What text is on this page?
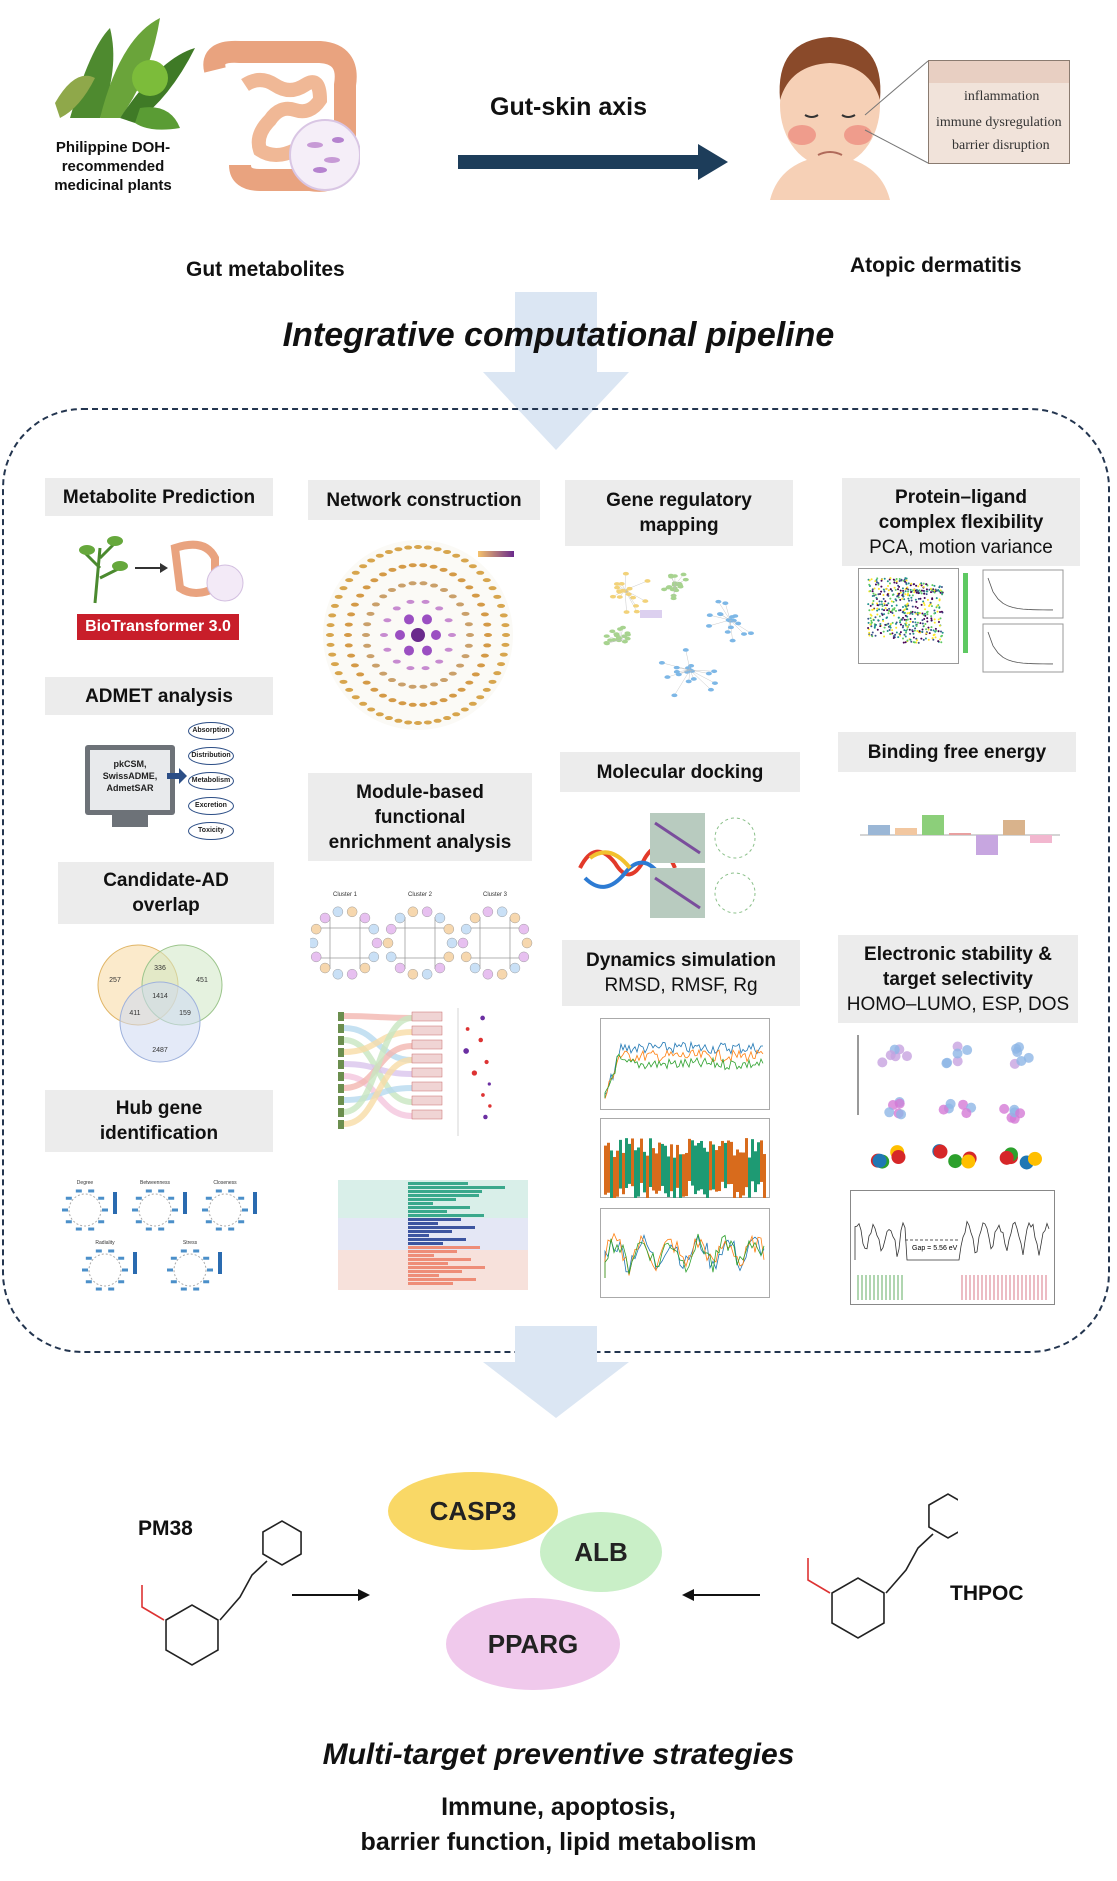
Philippine DOH-
recommended
medicinal plants
Gut metabolites
Gut-skin axis	inflammation
immune dysregulation
barrier disruption
Atopic dermatitis
Integrative computational pipeline
Metabolite Prediction
BioTransformer 3.0
ADMET analysis
pkCSM,
SwissADME,
AdmetSAR
Absorption
Distribution
Metabolism
Excretion
Toxicity
Candidate-AD
overlap
257
336
451
1414
411	159
2487
Hub gene
identification
Degree	Betweenness	Closeness
Radiality	Stress
Network construction
Module-based
functional
enrichment analysis
Cluster 1	Cluster 2	Cluster 3
Gene regulatory
mapping
Molecular docking
Dynamics simulation
RMSD, RMSF, Rg
Protein–ligand
complex flexibility
PCA, motion variance
Binding free energy
Electronic stability &
target selectivity
HOMO–LUMO, ESP, DOS
Gap = 5.56 eV
PM38
CASP3
ALB
PPARG
THPOC
Multi-target preventive strategies
Immune, apoptosis,
barrier function, lipid metabolism
